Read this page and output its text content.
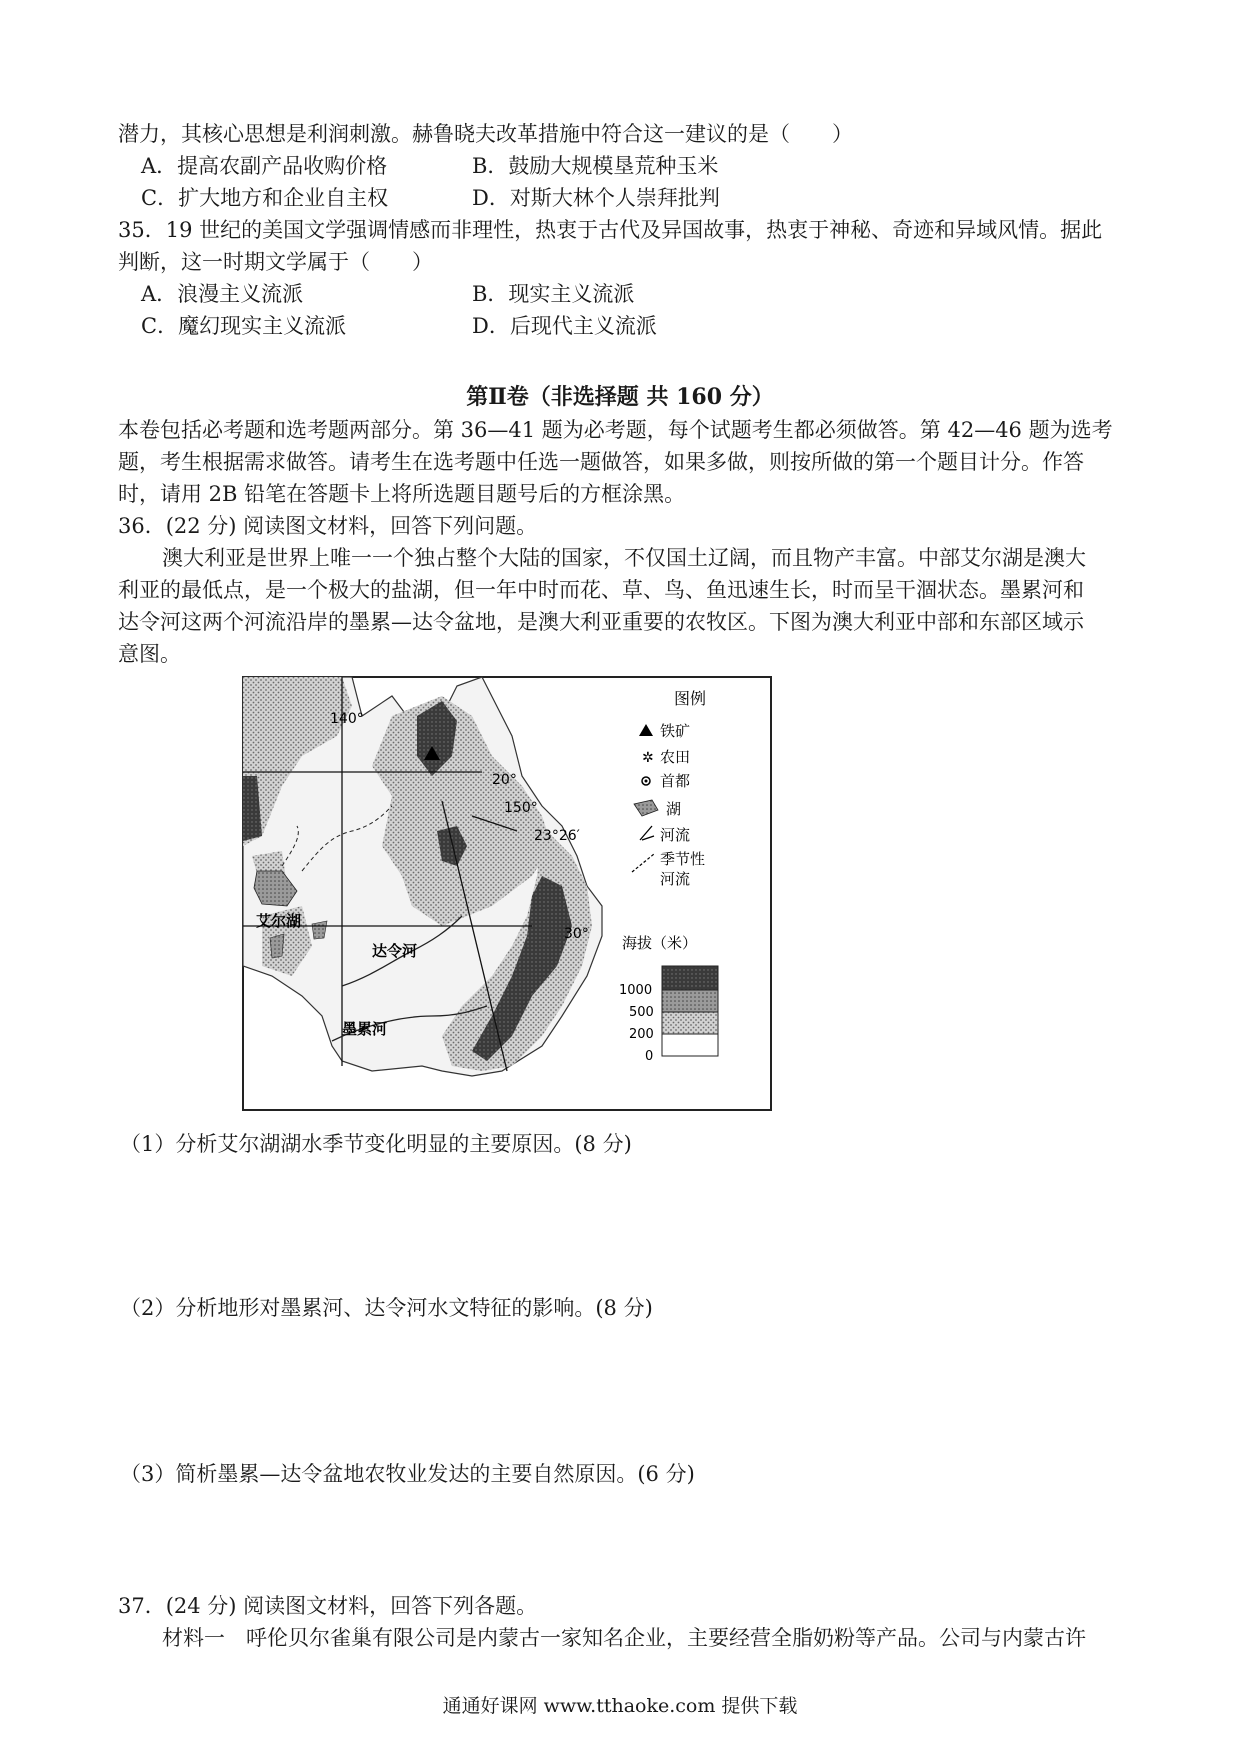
潜力，其核心思想是利润刺激。赫鲁晓夫改革措施中符合这一建议的是（　　）
A．提高农副产品收购价格	B．鼓励大规模垦荒种玉米
C．扩大地方和企业自主权	D．对斯大林个人崇拜批判
35．19 世纪的美国文学强调情感而非理性，热衷于古代及异国故事，热衷于神秘、奇迹和异域风情。据此
判断，这一时期文学属于（　　）
A．浪漫主义流派	B．现实主义流派
C．魔幻现实主义流派	D．后现代主义流派
第Ⅱ卷（非选择题 共 160 分）
本卷包括必考题和选考题两部分。第 36—41 题为必考题，每个试题考生都必须做答。第 42—46 题为选考
题，考生根据需求做答。请考生在选考题中任选一题做答，如果多做，则按所做的第一个题目计分。作答
时，请用 2B 铅笔在答题卡上将所选题目题号后的方框涂黑。
36．(22 分) 阅读图文材料，回答下列问题。
澳大利亚是世界上唯一一个独占整个大陆的国家，不仅国土辽阔，而且物产丰富。中部艾尔湖是澳大
利亚的最低点，是一个极大的盐湖，但一年中时而花、草、鸟、鱼迅速生长，时而呈干涸状态。墨累河和
达令河这两个河流沿岸的墨累—达令盆地，是澳大利亚重要的农牧区。下图为澳大利亚中部和东部区域示
意图。
图例
铁矿
✲ 农田
首都
湖
河流
季节性
河流
海拔（米）
1000
500
200
0
140°
150°
20°
23°26′
30°
艾尔湖
达令河
墨累河
（1）分析艾尔湖湖水季节变化明显的主要原因。(8 分)
（2）分析地形对墨累河、达令河水文特征的影响。(8 分)
（3）简析墨累—达令盆地农牧业发达的主要自然原因。(6 分)
37．(24 分) 阅读图文材料，回答下列各题。
材料一　呼伦贝尔雀巢有限公司是内蒙古一家知名企业，主要经营全脂奶粉等产品。公司与内蒙古许
通通好课网 www.tthaoke.com 提供下载
